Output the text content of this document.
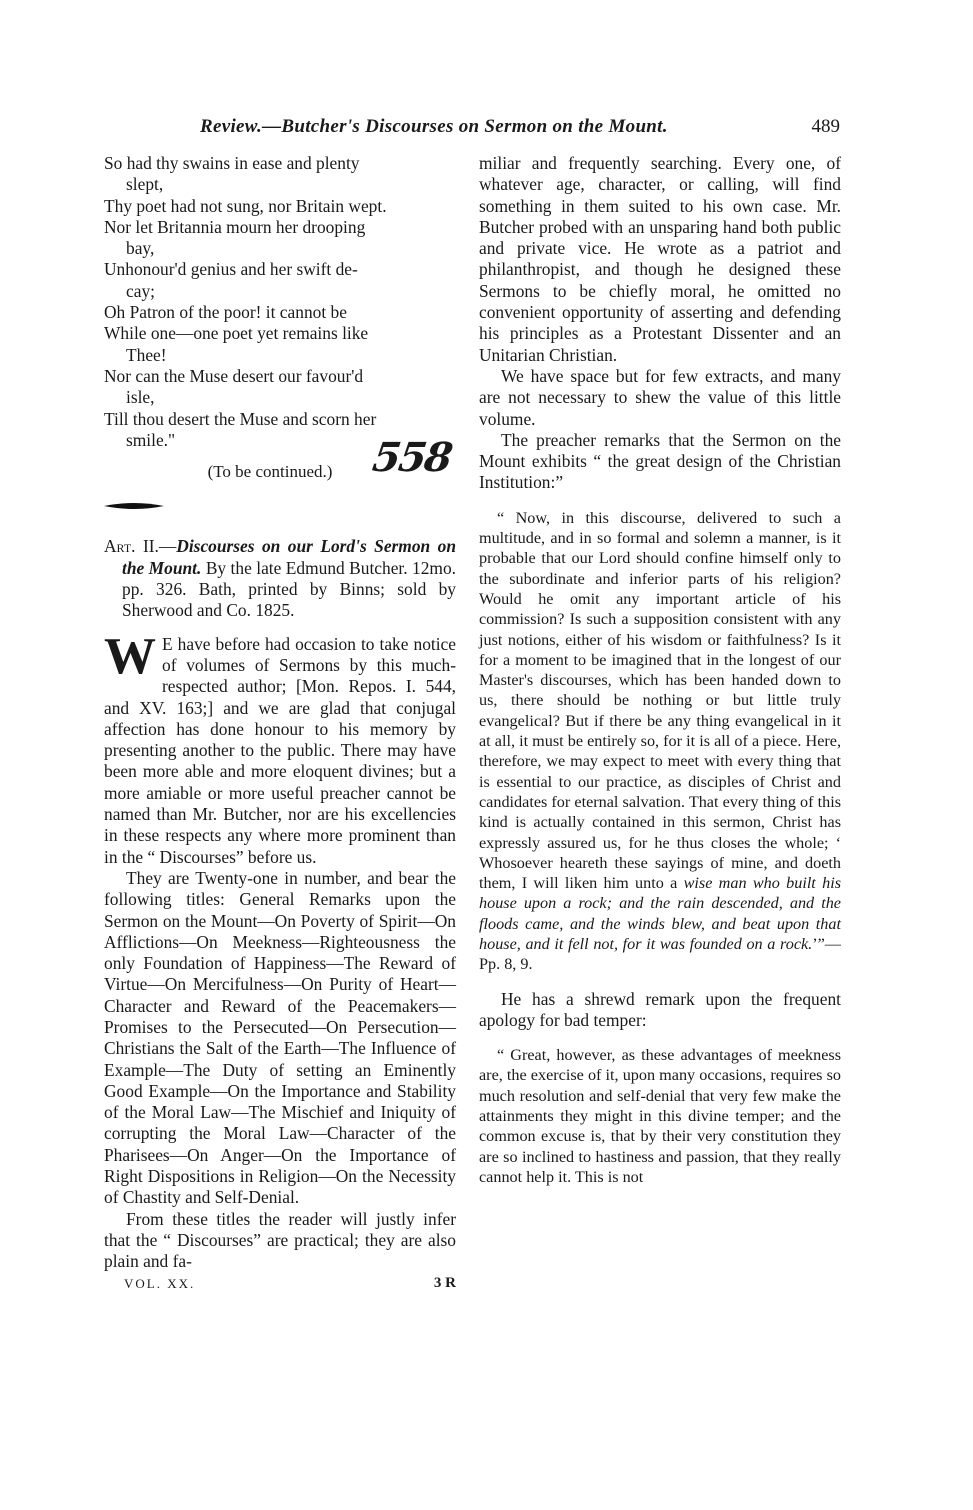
Review.—Butcher's Discourses on Sermon on the Mount.	489
So had thy swains in ease and plenty
slept,
Thy poet had not sung, nor Britain wept.
Nor let Britannia mourn her drooping
bay,
Unhonour'd genius and her swift de-
cay;
Oh Patron of the poor! it cannot be
While one—one poet yet remains like
Thee!
Nor can the Muse desert our favour'd
isle,
Till thou desert the Muse and scorn her
smile."
(To be continued.) 558
Art. II.—Discourses on our Lord's Sermon on the Mount. By the late Edmund Butcher. 12mo. pp. 326. Bath, printed by Binns; sold by Sherwood and Co. 1825.

W E have before had occasion to take notice of volumes of Sermons by this much-respected author; [Mon. Repos. I. 544, and XV. 163;] and we are glad that conjugal affection has done honour to his memory by presenting another to the public. There may have been more able and more eloquent divines; but a more amiable or more useful preacher cannot be named than Mr. Butcher, nor are his excellencies in these respects any where more prominent than in the “ Discourses” before us.

They are Twenty-one in number, and bear the following titles: General Remarks upon the Sermon on the Mount—On Poverty of Spirit—On Afflictions—On Meekness—Righteousness the only Foundation of Happiness—The Reward of Virtue—On Mercifulness—On Purity of Heart—Character and Reward of the Peacemakers—Promises to the Persecuted—On Persecution—Christians the Salt of the Earth—The Influence of Example—The Duty of setting an Eminently Good Example—On the Importance and Stability of the Moral Law—The Mischief and Iniquity of corrupting the Moral Law—Character of the Pharisees—On Anger—On the Importance of Right Dispositions in Religion—On the Necessity of Chastity and Self-Denial.

From these titles the reader will justly infer that the “ Discourses” are practical; they are also plain and fa-

VOL. XX.	3 R

miliar and frequently searching. Every one, of whatever age, character, or calling, will find something in them suited to his own case. Mr. Butcher probed with an unsparing hand both public and private vice. He wrote as a patriot and philanthropist, and though he designed these Sermons to be chiefly moral, he omitted no convenient opportunity of asserting and defending his principles as a Protestant Dissenter and an Unitarian Christian.

We have space but for few extracts, and many are not necessary to shew the value of this little volume.

The preacher remarks that the Sermon on the Mount exhibits “ the great design of the Christian Institution:”

“ Now, in this discourse, delivered to such a multitude, and in so formal and solemn a manner, is it probable that our Lord should confine himself only to the subordinate and inferior parts of his religion? Would he omit any important article of his commission? Is such a supposition consistent with any just notions, either of his wisdom or faithfulness? Is it for a moment to be imagined that in the longest of our Master's discourses, which has been handed down to us, there should be nothing or but little truly evangelical? But if there be any thing evangelical in it at all, it must be entirely so, for it is all of a piece. Here, therefore, we may expect to meet with every thing that is essential to our practice, as disciples of Christ and candidates for eternal salvation. That every thing of this kind is actually contained in this sermon, Christ has expressly assured us, for he thus closes the whole; ‘ Whosoever heareth these sayings of mine, and doeth them, I will liken him unto a wise man who built his house upon a rock; and the rain descended, and the floods came, and the winds blew, and beat upon that house, and it fell not, for it was founded on a rock.’”—Pp. 8, 9.

He has a shrewd remark upon the frequent apology for bad temper:

“ Great, however, as these advantages of meekness are, the exercise of it, upon many occasions, requires so much resolution and self-denial that very few make the attainments they might in this divine temper; and the common excuse is, that by their very constitution they are so inclined to hastiness and passion, that they really cannot help it. This is not
